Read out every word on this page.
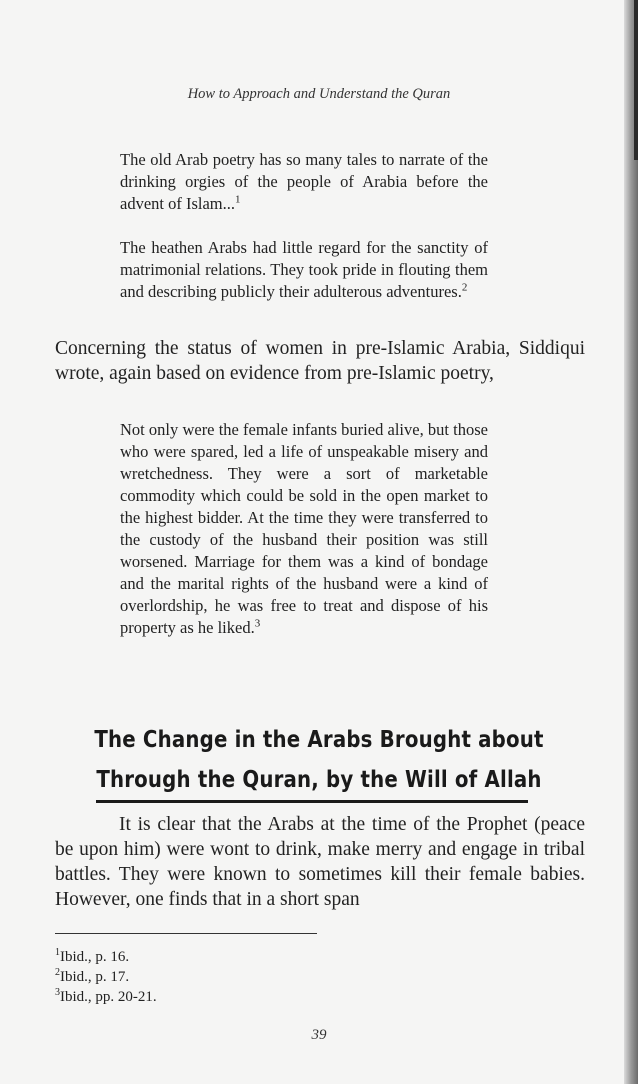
How to Approach and Understand the Quran
The old Arab poetry has so many tales to narrate of the drinking orgies of the people of Arabia before the advent of Islam...$^1$
The heathen Arabs had little regard for the sanctity of matrimonial relations. They took pride in flouting them and describing publicly their adulterous adventures.$^2$
Concerning the status of women in pre-Islamic Arabia, Siddiqui wrote, again based on evidence from pre-Islamic poetry,
Not only were the female infants buried alive, but those who were spared, led a life of unspeakable misery and wretchedness. They were a sort of marketable commodity which could be sold in the open market to the highest bidder. At the time they were transferred to the custody of the husband their position was still worsened. Marriage for them was a kind of bondage and the marital rights of the husband were a kind of overlordship, he was free to treat and dispose of his property as he liked.$^3$
The Change in the Arabs Brought about
Through the Quran, by the Will of Allah
It is clear that the Arabs at the time of the Prophet (peace be upon him) were wont to drink, make merry and engage in tribal battles. They were known to sometimes kill their female babies. However, one finds that in a short span
$^1$Ibid., p. 16.
$^2$Ibid., p. 17.
$^3$Ibid., pp. 20-21.
39
